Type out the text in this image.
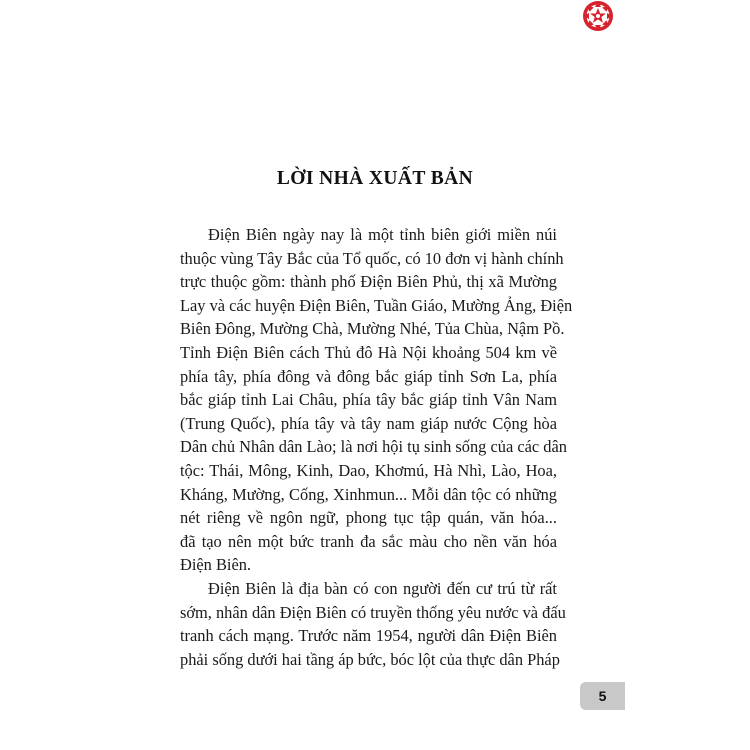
LỜI NHÀ XUẤT BẢN

Điện Biên ngày nay là một tỉnh biên giới miền núi
thuộc vùng Tây Bắc của Tổ quốc, có 10 đơn vị hành chính
trực thuộc gồm: thành phố Điện Biên Phủ, thị xã Mường
Lay và các huyện Điện Biên, Tuần Giáo, Mường Ảng, Điện
Biên Đông, Mường Chà, Mường Nhé, Tủa Chùa, Nậm Pồ.
Tỉnh Điện Biên cách Thủ đô Hà Nội khoảng 504 km về
phía tây, phía đông và đông bắc giáp tỉnh Sơn La, phía
bắc giáp tỉnh Lai Châu, phía tây bắc giáp tỉnh Vân Nam
(Trung Quốc), phía tây và tây nam giáp nước Cộng hòa
Dân chủ Nhân dân Lào; là nơi hội tụ sinh sống của các dân
tộc: Thái, Mông, Kinh, Dao, Khơmú, Hà Nhì, Lào, Hoa,
Kháng, Mường, Cống, Xinhmun... Mỗi dân tộc có những
nét riêng về ngôn ngữ, phong tục tập quán, văn hóa...
đã tạo nên một bức tranh đa sắc màu cho nền văn hóa
Điện Biên.

Điện Biên là địa bàn có con người đến cư trú từ rất
sớm, nhân dân Điện Biên có truyền thống yêu nước và đấu
tranh cách mạng. Trước năm 1954, người dân Điện Biên
phải sống dưới hai tầng áp bức, bóc lột của thực dân Pháp

5
